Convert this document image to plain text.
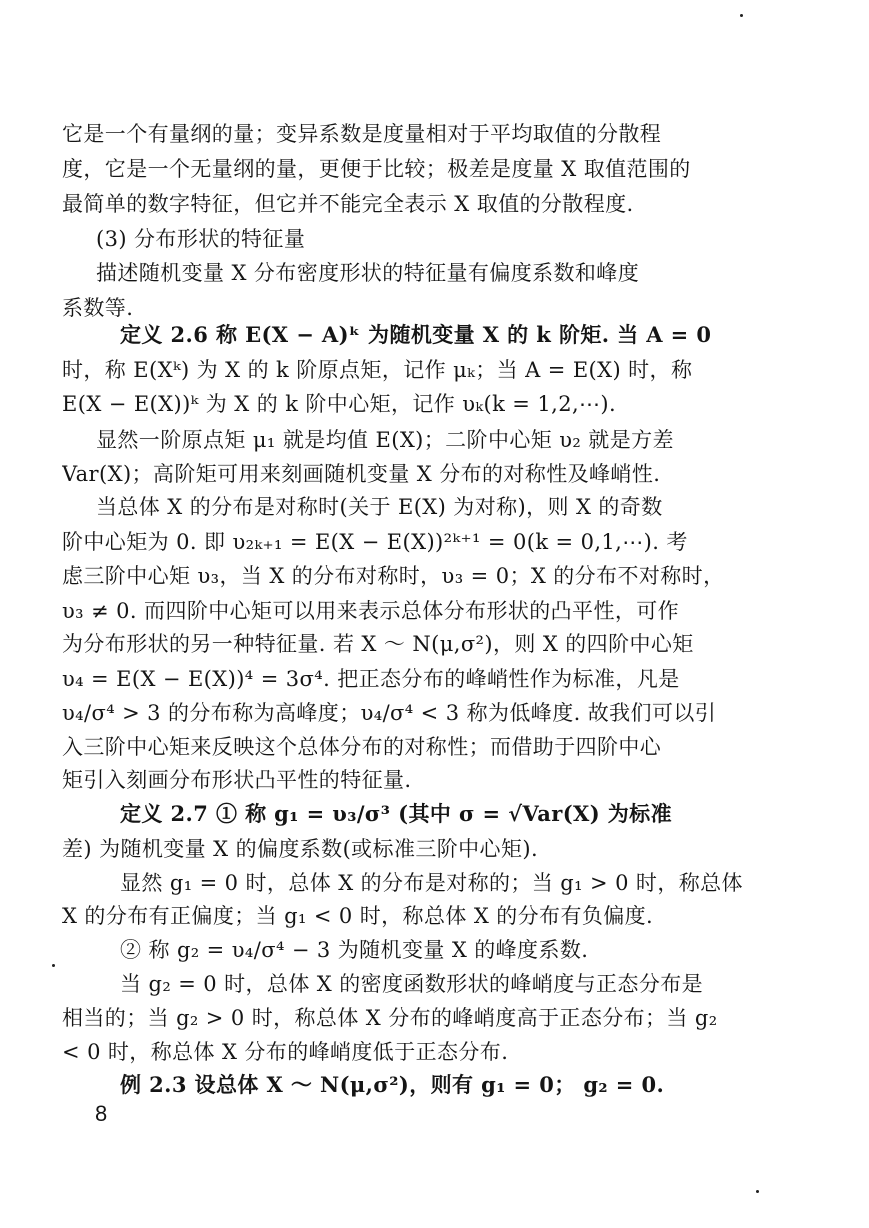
它是一个有量纲的量；变异系数是度量相对于平均取值的分散程
度，它是一个无量纲的量，更便于比较；极差是度量 X 取值范围的
最简单的数字特征，但它并不能完全表示 X 取值的分散程度.
(3) 分布形状的特征量
描述随机变量 X 分布密度形状的特征量有偏度系数和峰度
系数等.
定义 2.6 称 E(X − A)ᵏ 为随机变量 X 的 k 阶矩. 当 A = 0
时，称 E(Xᵏ) 为 X 的 k 阶原点矩，记作 μₖ；当 A = E(X) 时，称
E(X − E(X))ᵏ 为 X 的 k 阶中心矩，记作 υₖ(k = 1,2,⋯).
显然一阶原点矩 μ₁ 就是均值 E(X)；二阶中心矩 υ₂ 就是方差
Var(X)；高阶矩可用来刻画随机变量 X 分布的对称性及峰峭性.
当总体 X 的分布是对称时(关于 E(X) 为对称)，则 X 的奇数
阶中心矩为 0. 即 υ₂ₖ₊₁ = E(X − E(X))²ᵏ⁺¹ = 0(k = 0,1,⋯). 考
虑三阶中心矩 υ₃，当 X 的分布对称时，υ₃ = 0；X 的分布不对称时，
υ₃ ≠ 0. 而四阶中心矩可以用来表示总体分布形状的凸平性，可作
为分布形状的另一种特征量. 若 X ～ N(μ,σ²)，则 X 的四阶中心矩
υ₄ = E(X − E(X))⁴ = 3σ⁴. 把正态分布的峰峭性作为标准，凡是
υ₄/σ⁴ > 3 的分布称为高峰度；υ₄/σ⁴ < 3 称为低峰度. 故我们可以引
入三阶中心矩来反映这个总体分布的对称性；而借助于四阶中心
矩引入刻画分布形状凸平性的特征量.
定义 2.7 ① 称 g₁ = υ₃/σ³ (其中 σ = √Var(X) 为标准
差) 为随机变量 X 的偏度系数(或标准三阶中心矩).
显然 g₁ = 0 时，总体 X 的分布是对称的；当 g₁ > 0 时，称总体
X 的分布有正偏度；当 g₁ < 0 时，称总体 X 的分布有负偏度.
② 称 g₂ = υ₄/σ⁴ − 3 为随机变量 X 的峰度系数.
当 g₂ = 0 时，总体 X 的密度函数形状的峰峭度与正态分布是
相当的；当 g₂ > 0 时，称总体 X 分布的峰峭度高于正态分布；当 g₂
< 0 时，称总体 X 分布的峰峭度低于正态分布.
例 2.3 设总体 X ～ N(μ,σ²)，则有 g₁ = 0； g₂ = 0.
8
